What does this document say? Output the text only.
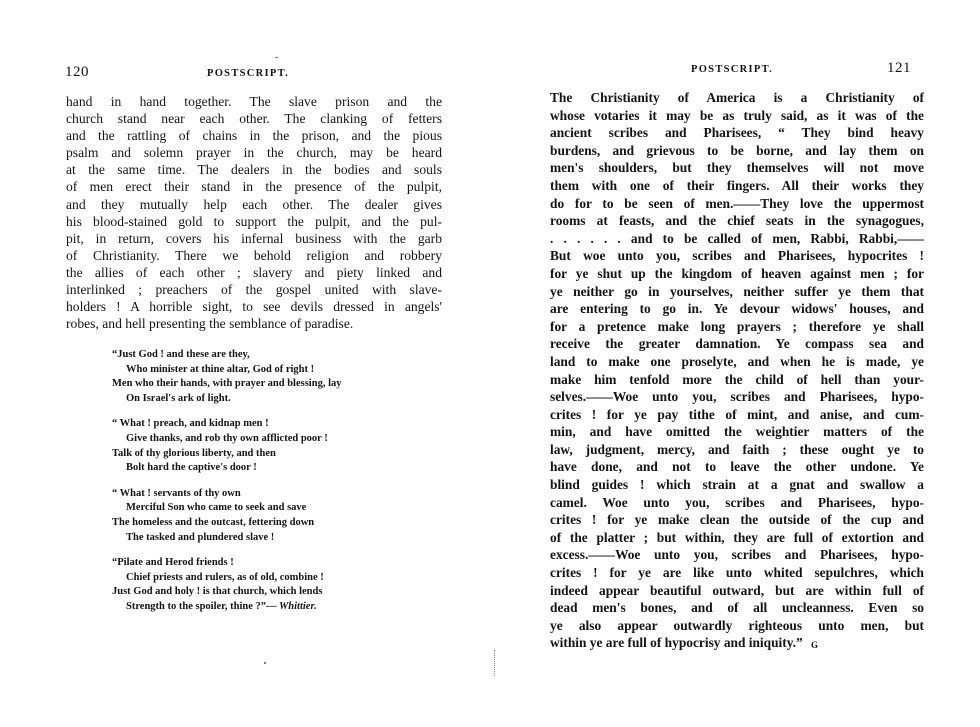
120	POSTSCRIPT.
hand in hand together. The slave prison and the
church stand near each other. The clanking of fetters
and the rattling of chains in the prison, and the pious
psalm and solemn prayer in the church, may be heard
at the same time. The dealers in the bodies and souls
of men erect their stand in the presence of the pulpit,
and they mutually help each other. The dealer gives
his blood-stained gold to support the pulpit, and the pul-
pit, in return, covers his infernal business with the garb
of Christianity. There we behold religion and robbery
the allies of each other ; slavery and piety linked and
interlinked ; preachers of the gospel united with slave-
holders ! A horrible sight, to see devils dressed in angels'
robes, and hell presenting the semblance of paradise.
“Just God ! and these are they,
Who minister at thine altar, God of right !
Men who their hands, with prayer and blessing, lay
On Israel's ark of light.
“ What ! preach, and kidnap men !
Give thanks, and rob thy own afflicted poor !
Talk of thy glorious liberty, and then
Bolt hard the captive's door !
“ What ! servants of thy own
Merciful Son who came to seek and save
The homeless and the outcast, fettering down
The tasked and plundered slave !
“Pilate and Herod friends !
Chief priests and rulers, as of old, combine !
Just God and holy ! is that church, which lends
Strength to the spoiler, thine ?”— Whittier.
121
POSTSCRIPT.
The Christianity of America is a Christianity of
whose votaries it may be as truly said, as it was of the
ancient scribes and Pharisees, “ They bind heavy
burdens, and grievous to be borne, and lay them on
men's shoulders, but they themselves will not move
them with one of their fingers. All their works they
do for to be seen of men.——They love the uppermost
rooms at feasts, and the chief seats in the synagogues,
. . . . . . and to be called of men, Rabbi, Rabbi,——
But woe unto you, scribes and Pharisees, hypocrites !
for ye shut up the kingdom of heaven against men ; for
ye neither go in yourselves, neither suffer ye them that
are entering to go in. Ye devour widows' houses, and
for a pretence make long prayers ; therefore ye shall
receive the greater damnation. Ye compass sea and
land to make one proselyte, and when he is made, ye
make him tenfold more the child of hell than your-
selves.——Woe unto you, scribes and Pharisees, hypo-
crites ! for ye pay tithe of mint, and anise, and cum-
min, and have omitted the weightier matters of the
law, judgment, mercy, and faith ; these ought ye to
have done, and not to leave the other undone. Ye
blind guides ! which strain at a gnat and swallow a
camel. Woe unto you, scribes and Pharisees, hypo-
crites ! for ye make clean the outside of the cup and
of the platter ; but within, they are full of extortion and
excess.——Woe unto you, scribes and Pharisees, hypo-
crites ! for ye are like unto whited sepulchres, which
indeed appear beautiful outward, but are within full of
dead men's bones, and of all uncleanness. Even so
ye also appear outwardly righteous unto men, but
within ye are full of hypocrisy and iniquity.” G
